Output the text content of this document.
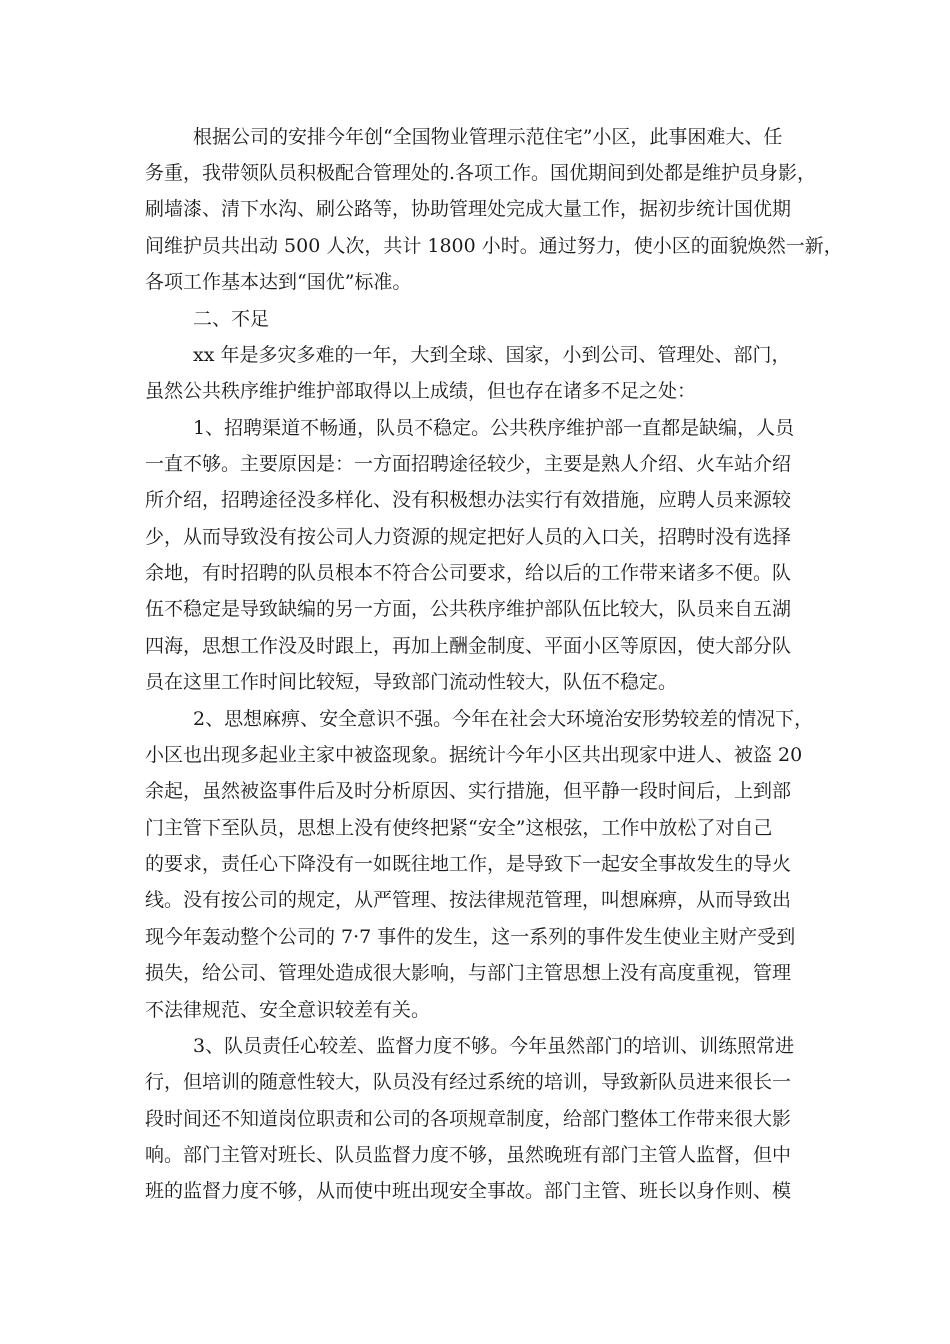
根据公司的安排今年创“全国物业管理示范住宅”小区，此事困难大、任
务重，我带领队员积极配合管理处的.各项工作。国优期间到处都是维护员身影，
刷墙漆、清下水沟、刷公路等，协助管理处完成大量工作，据初步统计国优期
间维护员共出动 500 人次，共计 1800 小时。通过努力，使小区的面貌焕然一新，
各项工作基本达到“国优”标准。
二、不足
xx 年是多灾多难的一年，大到全球、国家，小到公司、管理处、部门，
虽然公共秩序维护维护部取得以上成绩，但也存在诸多不足之处：
1、招聘渠道不畅通，队员不稳定。公共秩序维护部一直都是缺编，人员
一直不够。主要原因是：一方面招聘途径较少，主要是熟人介绍、火车站介绍
所介绍，招聘途径没多样化、没有积极想办法实行有效措施，应聘人员来源较
少，从而导致没有按公司人力资源的规定把好人员的入口关，招聘时没有选择
余地，有时招聘的队员根本不符合公司要求，给以后的工作带来诸多不便。队
伍不稳定是导致缺编的另一方面，公共秩序维护部队伍比较大，队员来自五湖
四海，思想工作没及时跟上，再加上酬金制度、平面小区等原因，使大部分队
员在这里工作时间比较短，导致部门流动性较大，队伍不稳定。
2、思想麻痹、安全意识不强。今年在社会大环境治安形势较差的情况下，
小区也出现多起业主家中被盗现象。据统计今年小区共出现家中进人、被盗 20
余起，虽然被盗事件后及时分析原因、实行措施，但平静一段时间后，上到部
门主管下至队员，思想上没有使终把紧“安全”这根弦，工作中放松了对自己
的要求，责任心下降没有一如既往地工作，是导致下一起安全事故发生的导火
线。没有按公司的规定，从严管理、按法律规范管理，叫想麻痹，从而导致出
现今年轰动整个公司的 7·7 事件的发生，这一系列的事件发生使业主财产受到
损失，给公司、管理处造成很大影响，与部门主管思想上没有高度重视，管理
不法律规范、安全意识较差有关。
3、队员责任心较差、监督力度不够。今年虽然部门的培训、训练照常进
行，但培训的随意性较大，队员没有经过系统的培训，导致新队员进来很长一
段时间还不知道岗位职责和公司的各项规章制度，给部门整体工作带来很大影
响。部门主管对班长、队员监督力度不够，虽然晚班有部门主管人监督，但中
班的监督力度不够，从而使中班出现安全事故。部门主管、班长以身作则、模
